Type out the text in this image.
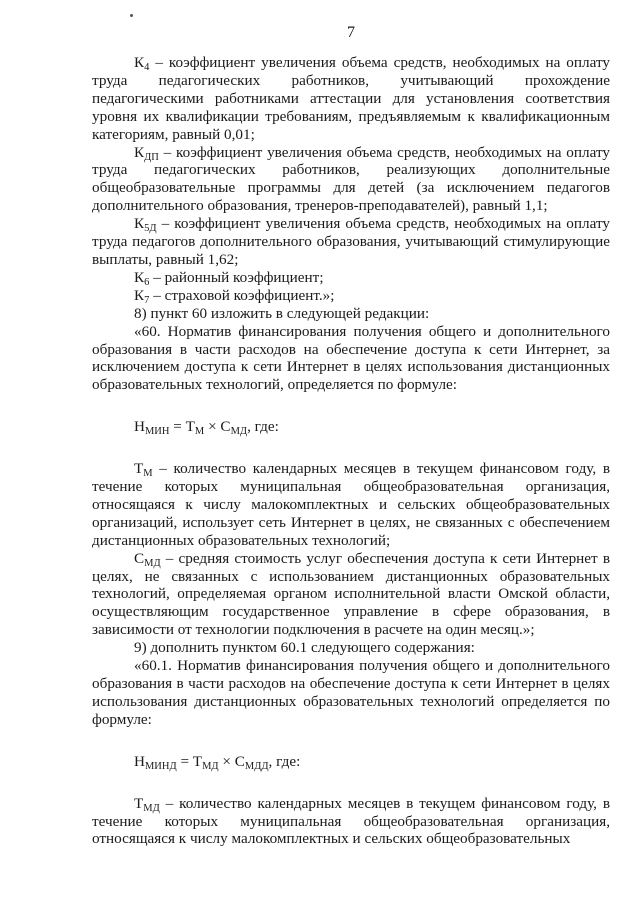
7

$К_4$ – коэффициент увеличения объема средств, необходимых на оплату труда педагогических работников, учитывающий прохождение педагогическими работниками аттестации для установления соответствия уровня их квалификации требованиям, предъявляемым к квалификационным категориям, равный 0,01;

$К_{ДП}$ – коэффициент увеличения объема средств, необходимых на оплату труда педагогических работников, реализующих дополнительные общеобразовательные программы для детей (за исключением педагогов дополнительного образования, тренеров-преподавателей), равный 1,1;

$К_{5Д}$ – коэффициент увеличения объема средств, необходимых на оплату труда педагогов дополнительного образования, учитывающий стимулирующие выплаты, равный 1,62;

$К_6$ – районный коэффициент;

$К_7$ – страховой коэффициент.»;

8) пункт 60 изложить в следующей редакции:

«60. Норматив финансирования получения общего и дополнительного образования в части расходов на обеспечение доступа к сети Интернет, за исключением доступа к сети Интернет в целях использования дистанционных образовательных технологий, определяется по формуле:

$Н_{МИН} = Т_М \times С_{МД}$, где:

$Т_М$ – количество календарных месяцев в текущем финансовом году, в течение которых муниципальная общеобразовательная организация, относящаяся к числу малокомплектных и сельских общеобразовательных организаций, использует сеть Интернет в целях, не связанных с обеспечением дистанционных образовательных технологий;

$С_{МД}$ – средняя стоимость услуг обеспечения доступа к сети Интернет в целях, не связанных с использованием дистанционных образовательных технологий, определяемая органом исполнительной власти Омской области, осуществляющим государственное управление в сфере образования, в зависимости от технологии подключения в расчете на один месяц.»;

9) дополнить пунктом 60.1 следующего содержания:

«60.1. Норматив финансирования получения общего и дополнительного образования в части расходов на обеспечение доступа к сети Интернет в целях использования дистанционных образовательных технологий определяется по формуле:

$Н_{МИНД} = Т_{МД} \times С_{МДД}$, где:

$Т_{МД}$ – количество календарных месяцев в текущем финансовом году, в течение которых муниципальная общеобразовательная организация, относящаяся к числу малокомплектных и сельских общеобразовательных
